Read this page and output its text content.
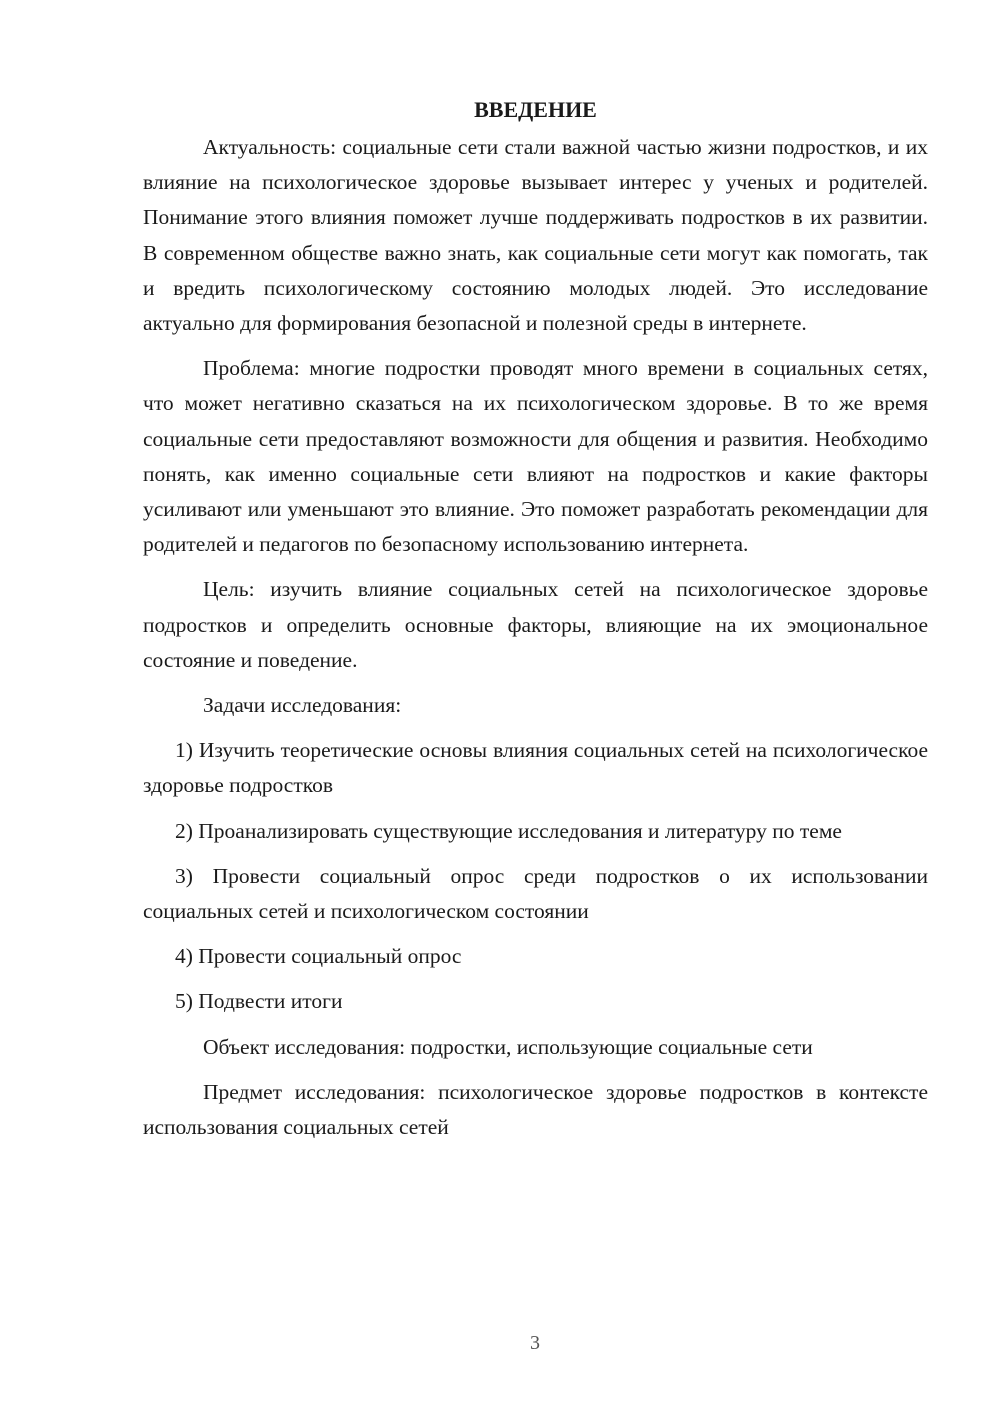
ВВЕДЕНИЕ

Актуальность: социальные сети стали важной частью жизни подростков, и их влияние на психологическое здоровье вызывает интерес у ученых и родителей. Понимание этого влияния поможет лучше поддерживать подростков в их развитии. В современном обществе важно знать, как социальные сети могут как помогать, так и вредить психологическому состоянию молодых людей. Это исследование актуально для формирования безопасной и полезной среды в интернете.

Проблема: многие подростки проводят много времени в социальных сетях, что может негативно сказаться на их психологическом здоровье. В то же время социальные сети предоставляют возможности для общения и развития. Необходимо понять, как именно социальные сети влияют на подростков и какие факторы усиливают или уменьшают это влияние. Это поможет разработать рекомендации для родителей и педагогов по безопасному использованию интернета.

Цель: изучить влияние социальных сетей на психологическое здоровье подростков и определить основные факторы, влияющие на их эмоциональное состояние и поведение.

Задачи исследования:

1) Изучить теоретические основы влияния социальных сетей на психологическое здоровье подростков

2) Проанализировать существующие исследования и литературу по теме

3) Провести социальный опрос среди подростков о их использовании социальных сетей и психологическом состоянии

4) Провести социальный опрос

5) Подвести итоги

Объект исследования: подростки, использующие социальные сети

Предмет исследования: психологическое здоровье подростков в контексте использования социальных сетей

3
